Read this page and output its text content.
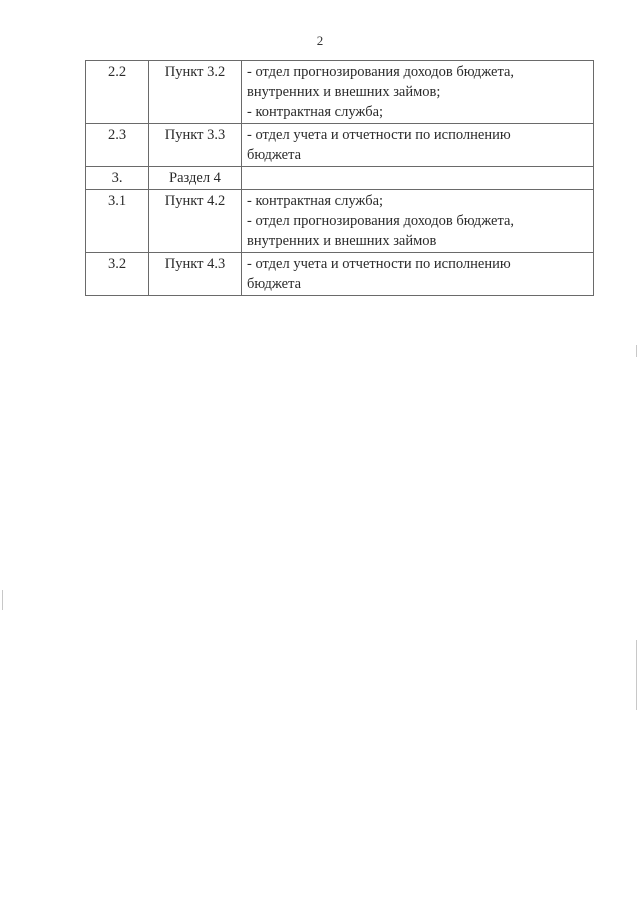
2
2.2	Пункт 3.2	- отдел прогнозирования доходов бюджета,
внутренних и внешних займов;
- контрактная служба;

2.3	Пункт 3.3	- отдел учета и отчетности по исполнению
бюджета

3.	Раздел 4	
3.1	Пункт 4.2	- контрактная служба;
- отдел прогнозирования доходов бюджета,
внутренних и внешних займов

3.2	Пункт 4.3	- отдел учета и отчетности по исполнению
бюджета
